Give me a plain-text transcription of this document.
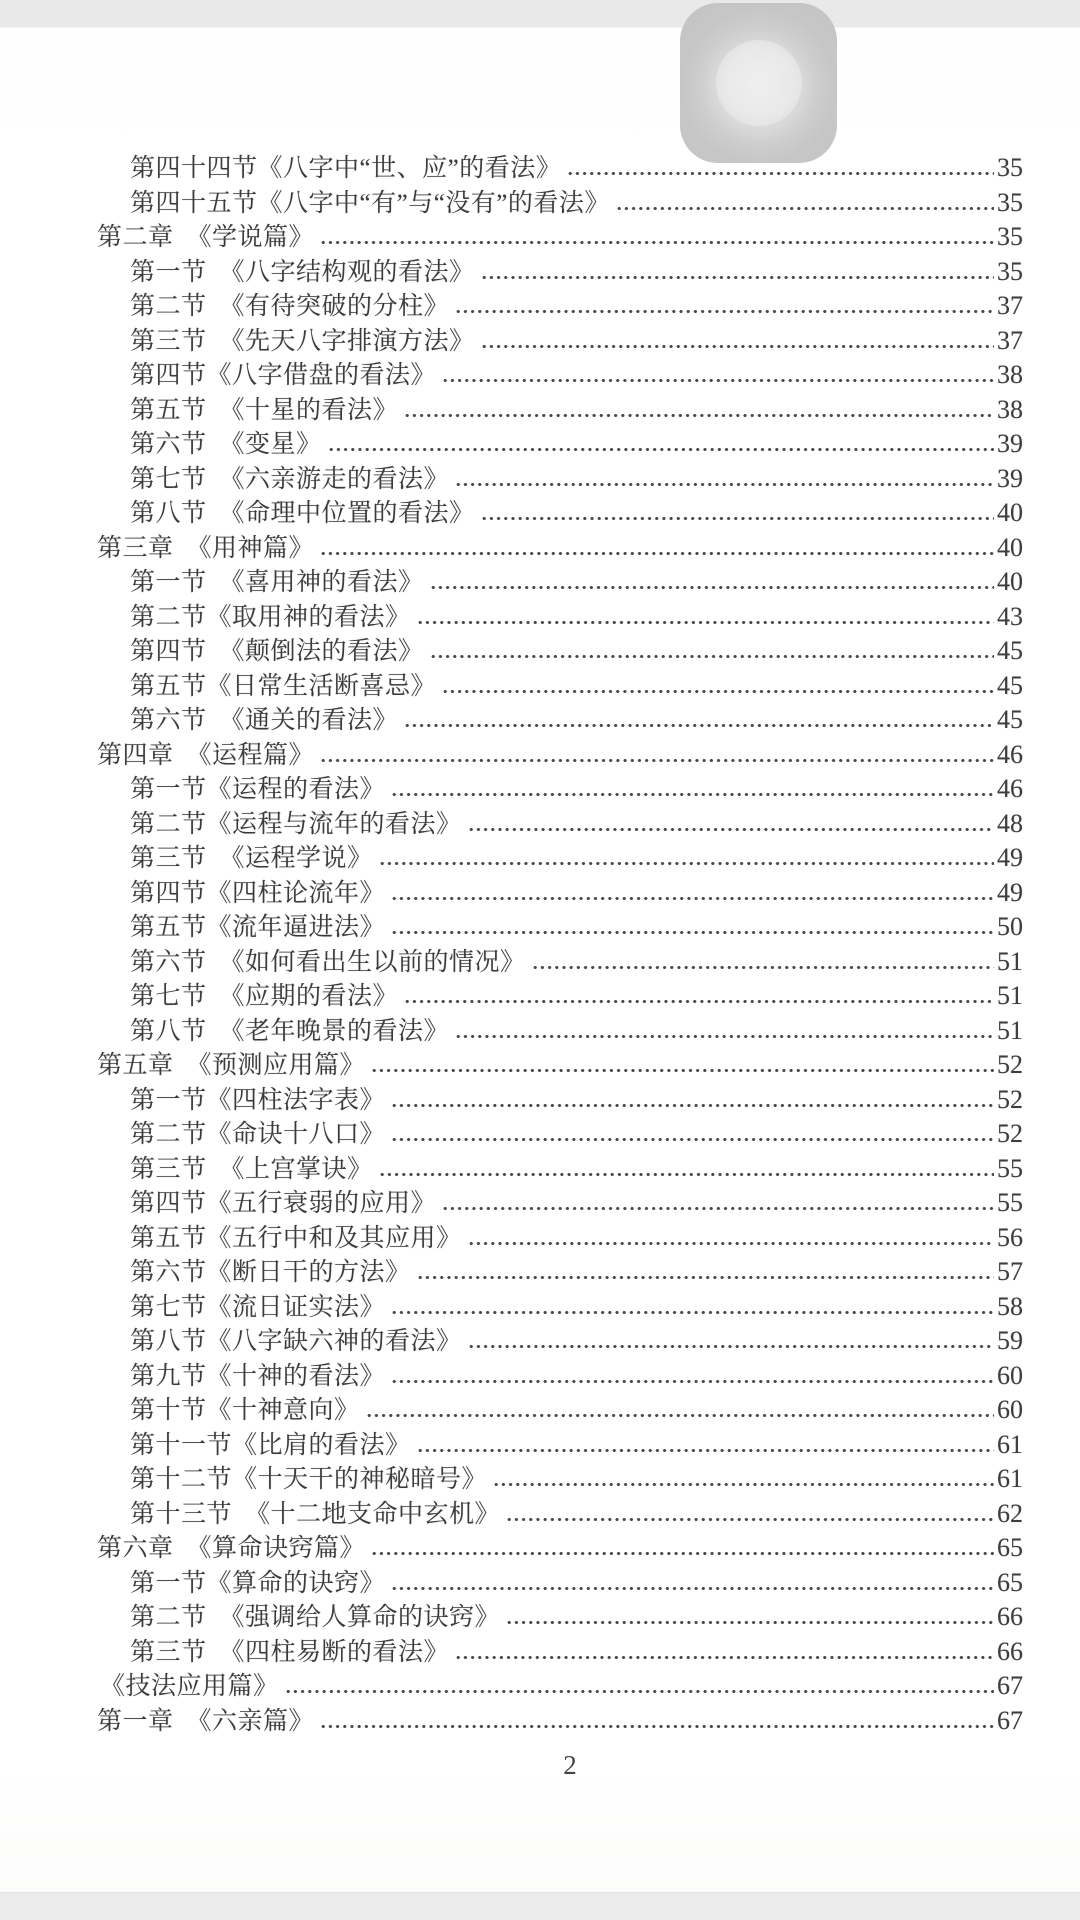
第四十四节《八字中“世、应”的看法》	35
第四十五节《八字中“有”与“没有”的看法》	35
第二章　《学说篇》	35
第一节　《八字结构观的看法》	35
第二节　《有待突破的分柱》	37
第三节　《先天八字排演方法》	37
第四节《八字借盘的看法》	38
第五节　《十星的看法》	38
第六节　《变星》	39
第七节　《六亲游走的看法》	39
第八节　《命理中位置的看法》	40
第三章　《用神篇》	40
第一节　《喜用神的看法》	40
第二节《取用神的看法》	43
第四节　《颠倒法的看法》	45
第五节《日常生活断喜忌》	45
第六节　《通关的看法》	45
第四章　《运程篇》	46
第一节《运程的看法》	46
第二节《运程与流年的看法》	48
第三节　《运程学说》	49
第四节《四柱论流年》	49
第五节《流年逼进法》	50
第六节　《如何看出生以前的情况》	51
第七节　《应期的看法》	51
第八节　《老年晚景的看法》	51
第五章　《预测应用篇》	52
第一节《四柱法字表》	52
第二节《命诀十八口》	52
第三节　《上宫掌诀》	55
第四节《五行衰弱的应用》	55
第五节《五行中和及其应用》	56
第六节《断日干的方法》	57
第七节《流日证实法》	58
第八节《八字缺六神的看法》	59
第九节《十神的看法》	60
第十节《十神意向》	60
第十一节《比肩的看法》	61
第十二节《十天干的神秘暗号》	61
第十三节　《十二地支命中玄机》	62
第六章　《算命诀窍篇》	65
第一节《算命的诀窍》	65
第二节　《强调给人算命的诀窍》	66
第三节　《四柱易断的看法》	66
《技法应用篇》	67
第一章　《六亲篇》	67
2
